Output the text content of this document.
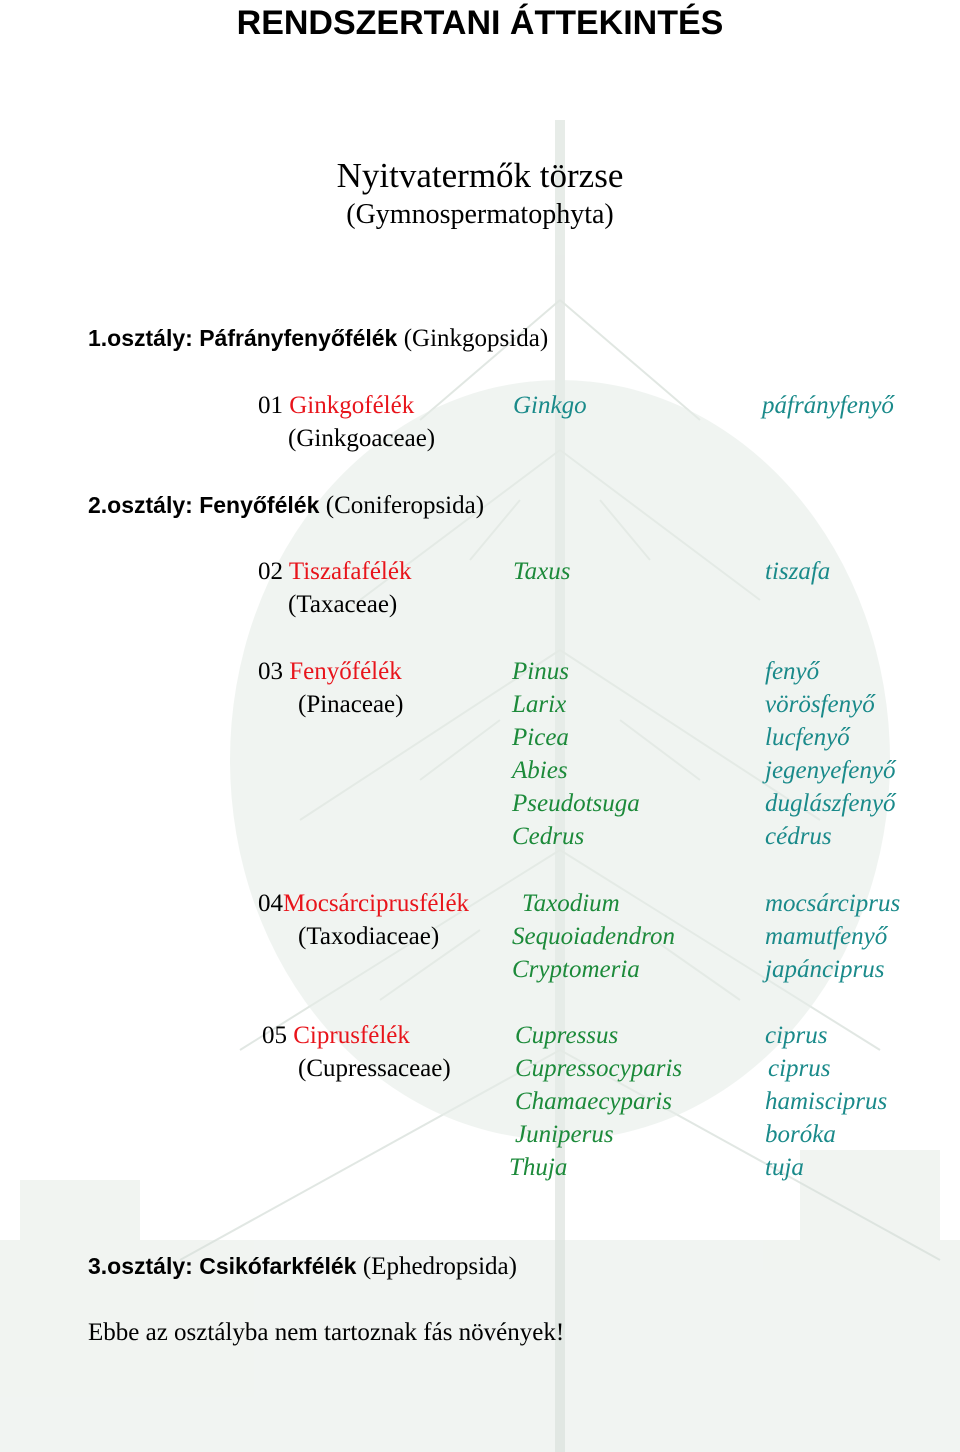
RENDSZERTANI ÁTTEKINTÉS
Nyitvatermők törzse
(Gymnospermatophyta)
1.osztály: Páfrányfenyőfélék (Ginkgopsida)
01 Ginkgofélék
(Ginkgoaceae)
Ginkgo	páfrányfenyő
2.osztály: Fenyőfélék (Coniferopsida)
02 Tiszafafélék
(Taxaceae)
Taxus	tiszafa
03 Fenyőfélék
(Pinaceae)
Pinus	fenyő
Larix	vörösfenyő
Picea	lucfenyő
Abies	jegenyefenyő
Pseudotsuga	duglászfenyő
Cedrus	cédrus
04Mocsárciprusfélék
(Taxodiaceae)
Taxodium	mocsárciprus
Sequoiadendron	mamutfenyő
Cryptomeria	japánciprus
05 Ciprusfélék
(Cupressaceae)
Cupressus	ciprus
Cupressocyparis	ciprus
Chamaecyparis	hamisciprus
Juniperus	boróka
Thuja	tuja
3.osztály: Csikófarkfélék (Ephedropsida)
Ebbe az osztályba nem tartoznak fás növények!
